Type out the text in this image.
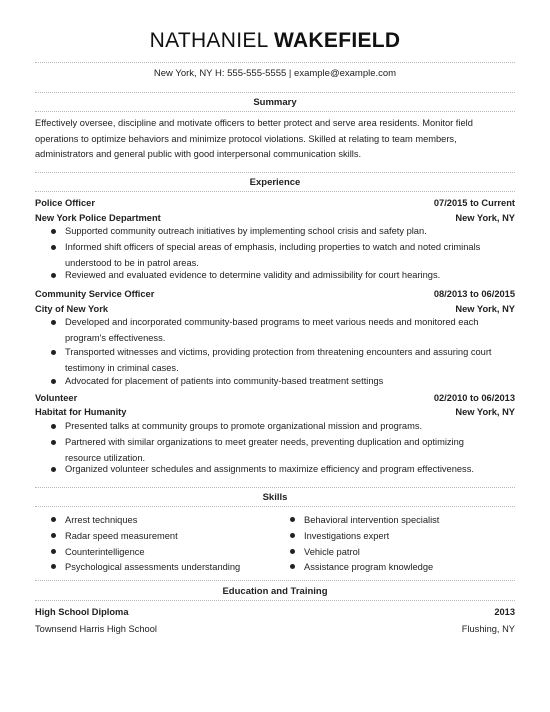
NATHANIEL WAKEFIELD
New York, NY H: 555-555-5555 | example@example.com
Summary
Effectively oversee, discipline and motivate officers to better protect and serve area residents. Monitor field
operations to optimize behaviors and minimize protocol violations. Skilled at relating to team members,
administrators and general public with good interpersonal communication skills.
Experience
Police Officer	07/2015 to Current
New York Police Department	New York, NY
Supported community outreach initiatives by implementing school crisis and safety plan.
Informed shift officers of special areas of emphasis, including properties to watch and noted criminals
understood to be in patrol areas.
Reviewed and evaluated evidence to determine validity and admissibility for court hearings.
Community Service Officer	08/2013 to 06/2015
City of New York	New York, NY
Developed and incorporated community-based programs to meet various needs and monitored each
program's effectiveness.
Transported witnesses and victims, providing protection from threatening encounters and assuring court
testimony in criminal cases.
Advocated for placement of patients into community-based treatment settings
Volunteer	02/2010 to 06/2013
Habitat for Humanity	New York, NY
Presented talks at community groups to promote organizational mission and programs.
Partnered with similar organizations to meet greater needs, preventing duplication and optimizing
resource utilization.
Organized volunteer schedules and assignments to maximize efficiency and program effectiveness.
Skills
Arrest techniques
Radar speed measurement
Counterintelligence
Psychological assessments understanding
Behavioral intervention specialist
Investigations expert
Vehicle patrol
Assistance program knowledge
Education and Training
High School Diploma	2013
Townsend Harris High School	Flushing, NY
